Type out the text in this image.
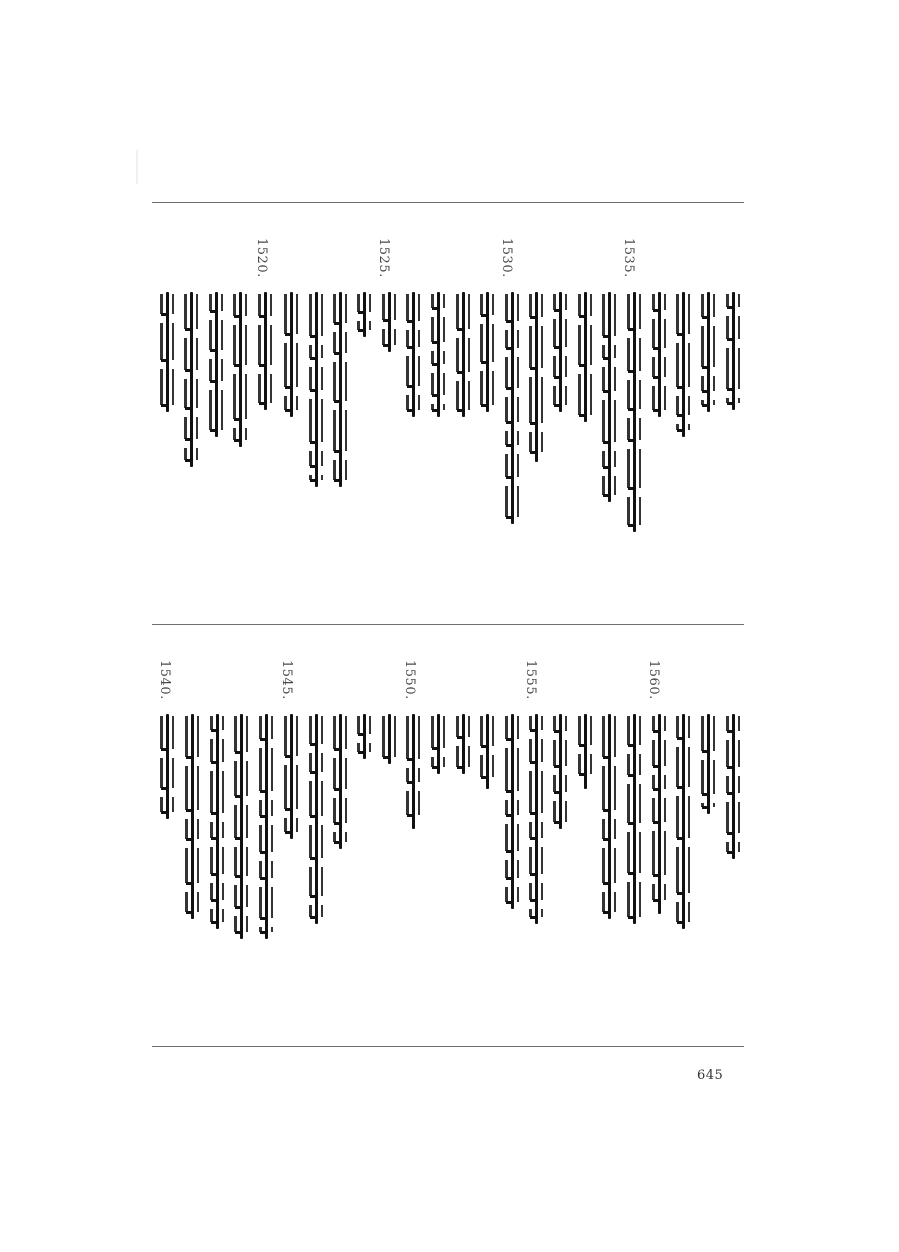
1520.	1525.	1530.	1535.
1540.	1545.	1550.	1555.	1560.
645
